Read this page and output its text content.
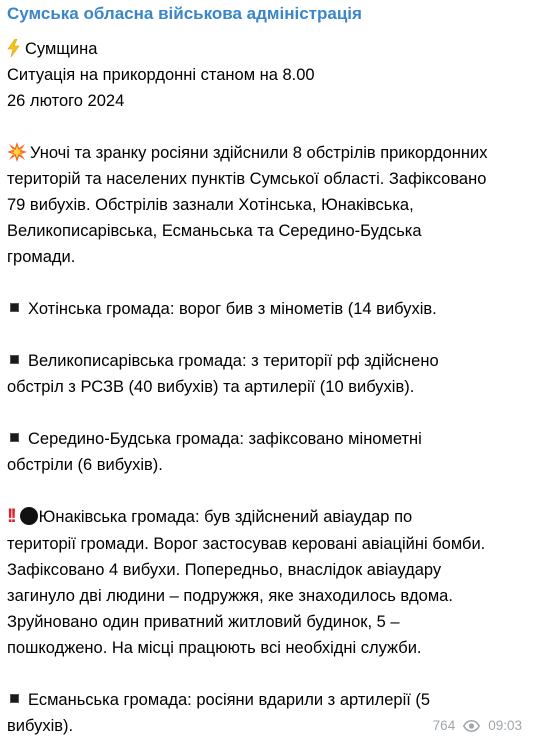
Сумська обласна військова адміністрація
Сумщина
Ситуація на прикордонні станом на 8.00
26 лютого 2024
Уночі та зранку росіяни здійснили 8 обстрілів прикордонних
територій та населених пунктів Сумської області. Зафіксовано
79 вибухів. Обстрілів зазнали Хотінська, Юнаківська,
Великописарівська, Есманьська та Середино-Будська
громади.
Хотінська громада: ворог бив з мінометів (14 вибухів.
Великописарівська громада: з території рф здійснено
обстріл з РСЗВ (40 вибухів) та артилерії (10 вибухів).
Середино-Будська громада: зафіксовано мінометні
обстріли (6 вибухів).
!! Юнаківська громада: був здійснений авіаудар по
території громади. Ворог застосував керовані авіаційні бомби.
Зафіксовано 4 вибухи. Попередньо, внаслідок авіаудару
загинуло дві людини – подружжя, яке знаходилось вдома.
Зруйновано один приватний житловий будинок, 5 –
пошкоджено. На місці працюють всі необхідні служби.
Есманьська громада: росіяни вдарили з артилерії (5
вибухів).	764 09:03
